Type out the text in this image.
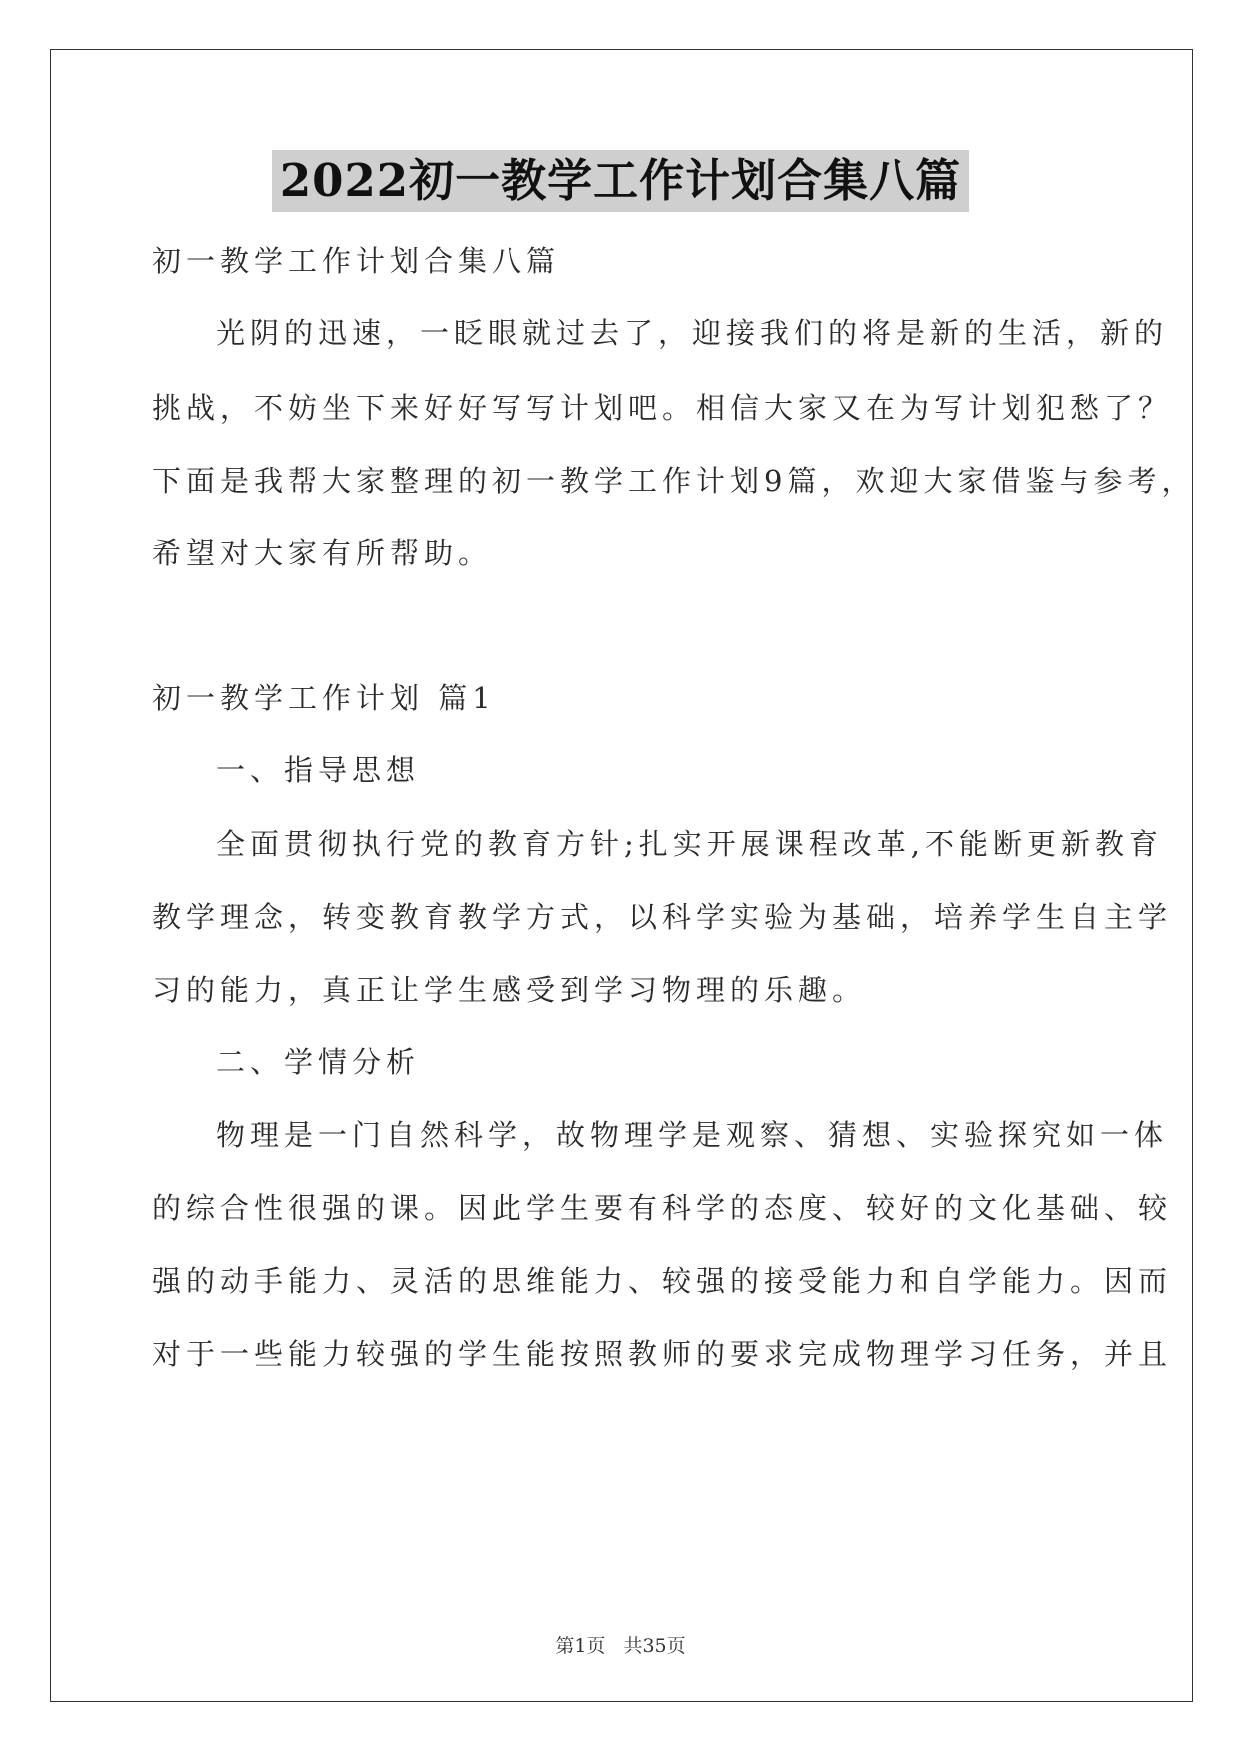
2022初一教学工作计划合集八篇
初一教学工作计划合集八篇
光阴的迅速，一眨眼就过去了，迎接我们的将是新的生活，新的
挑战，不妨坐下来好好写写计划吧。相信大家又在为写计划犯愁了？
下面是我帮大家整理的初一教学工作计划9篇，欢迎大家借鉴与参考，
希望对大家有所帮助。
初一教学工作计划 篇1
一、指导思想
全面贯彻执行党的教育方针;扎实开展课程改革,不能断更新教育
教学理念，转变教育教学方式，以科学实验为基础，培养学生自主学
习的能力，真正让学生感受到学习物理的乐趣。
二、学情分析
物理是一门自然科学，故物理学是观察、猜想、实验探究如一体
的综合性很强的课。因此学生要有科学的态度、较好的文化基础、较
强的动手能力、灵活的思维能力、较强的接受能力和自学能力。因而
对于一些能力较强的学生能按照教师的要求完成物理学习任务，并且
第1页 共35页
